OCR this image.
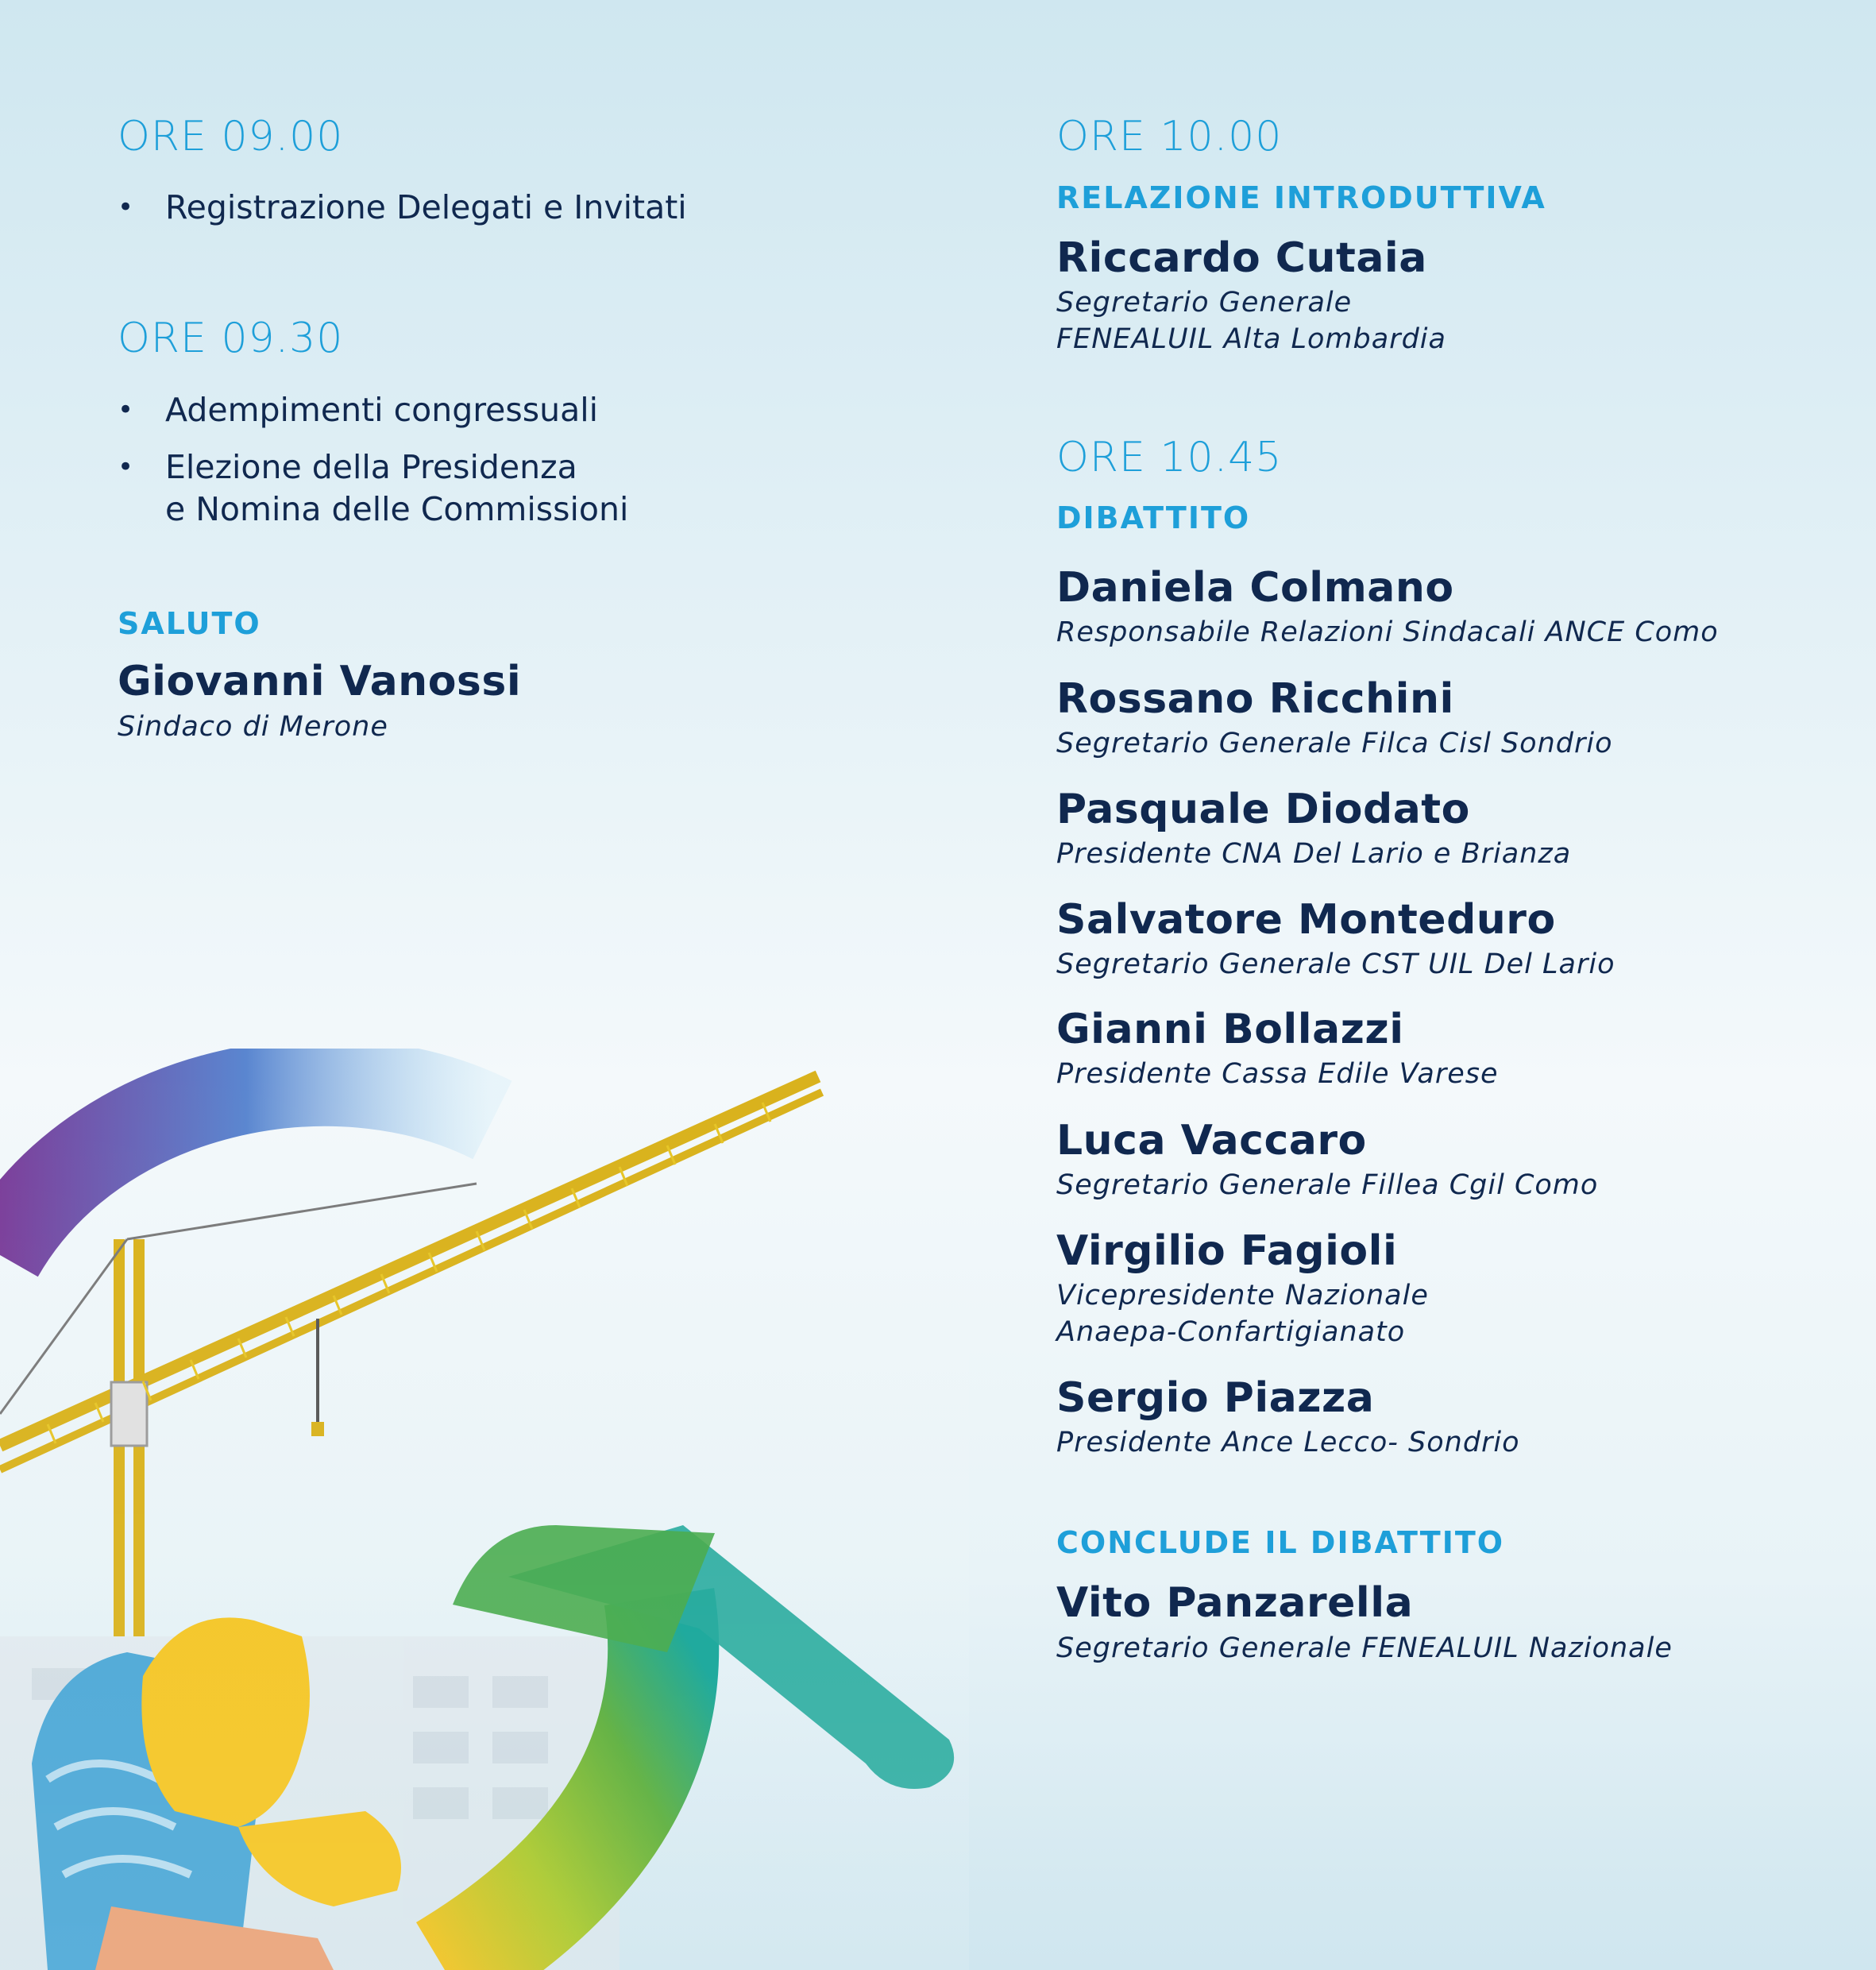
ORE 09.00
• Registrazione Delegati e Invitati
ORE 09.30
• Adempimenti congressuali
• Elezione della Presidenza
e Nomina delle Commissioni
SALUTO
Giovanni Vanossi
Sindaco di Merone
ORE 10.00
RELAZIONE INTRODUTTIVA
Riccardo Cutaia
Segretario Generale
FENEALUIL Alta Lombardia
ORE 10.45
DIBATTITO
Daniela Colmano
Responsabile Relazioni Sindacali ANCE Como
Rossano Ricchini
Segretario Generale Filca Cisl Sondrio
Pasquale Diodato
Presidente CNA Del Lario e Brianza
Salvatore Monteduro
Segretario Generale CST UIL Del Lario
Gianni Bollazzi
Presidente Cassa Edile Varese
Luca Vaccaro
Segretario Generale Fillea Cgil Como
Virgilio Fagioli
Vicepresidente Nazionale
Anaepa-Confartigianato
Sergio Piazza
Presidente Ance Lecco- Sondrio
CONCLUDE IL DIBATTITO
Vito Panzarella
Segretario Generale FENEALUIL Nazionale
